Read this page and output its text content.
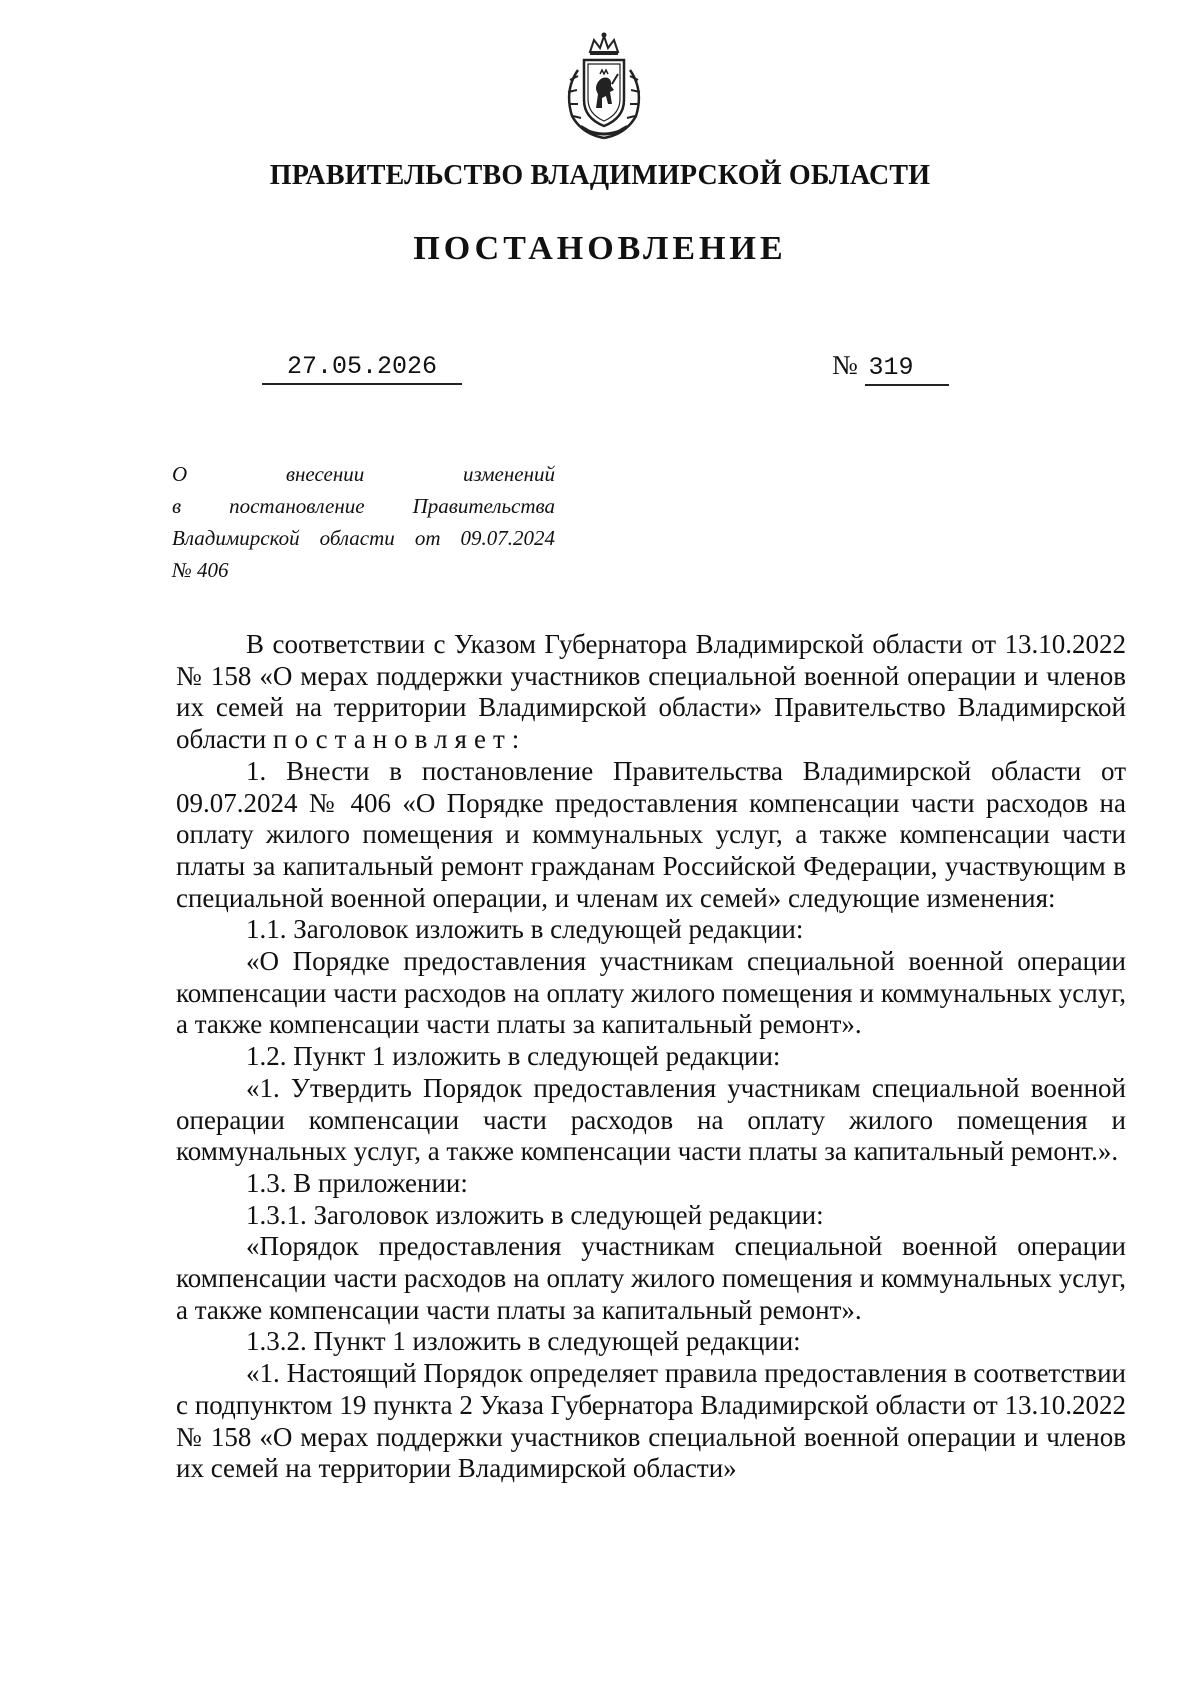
ПРАВИТЕЛЬСТВО ВЛАДИМИРСКОЙ ОБЛАСТИ
ПОСТАНОВЛЕНИЕ
27.05.2026	№ 319
О внесении изменений
в постановление Правительства
Владимирской области от 09.07.2024
№ 406

В соответствии с Указом Губернатора Владимирской области от 13.10.2022 № 158 «О мерах поддержки участников специальной военной операции и членов их семей на территории Владимирской области» Правительство Владимирской области постановляет:

1. Внести в постановление Правительства Владимирской области от 09.07.2024 № 406 «О Порядке предоставления компенсации части расходов на оплату жилого помещения и коммунальных услуг, а также компенсации части платы за капитальный ремонт гражданам Российской Федерации, участвующим в специальной военной операции, и членам их семей» следующие изменения:

1.1. Заголовок изложить в следующей редакции:

«О Порядке предоставления участникам специальной военной операции компенсации части расходов на оплату жилого помещения и коммунальных услуг, а также компенсации части платы за капитальный ремонт».

1.2. Пункт 1 изложить в следующей редакции:

«1. Утвердить Порядок предоставления участникам специальной военной операции компенсации части расходов на оплату жилого помещения и коммунальных услуг, а также компенсации части платы за капитальный ремонт.».

1.3. В приложении:

1.3.1. Заголовок изложить в следующей редакции:

«Порядок предоставления участникам специальной военной операции компенсации части расходов на оплату жилого помещения и коммунальных услуг, а также компенсации части платы за капитальный ремонт».

1.3.2. Пункт 1 изложить в следующей редакции:

«1. Настоящий Порядок определяет правила предоставления в соответствии с подпунктом 19 пункта 2 Указа Губернатора Владимирской области от 13.10.2022 № 158 «О мерах поддержки участников специальной военной операции и членов их семей на территории Владимирской области»
